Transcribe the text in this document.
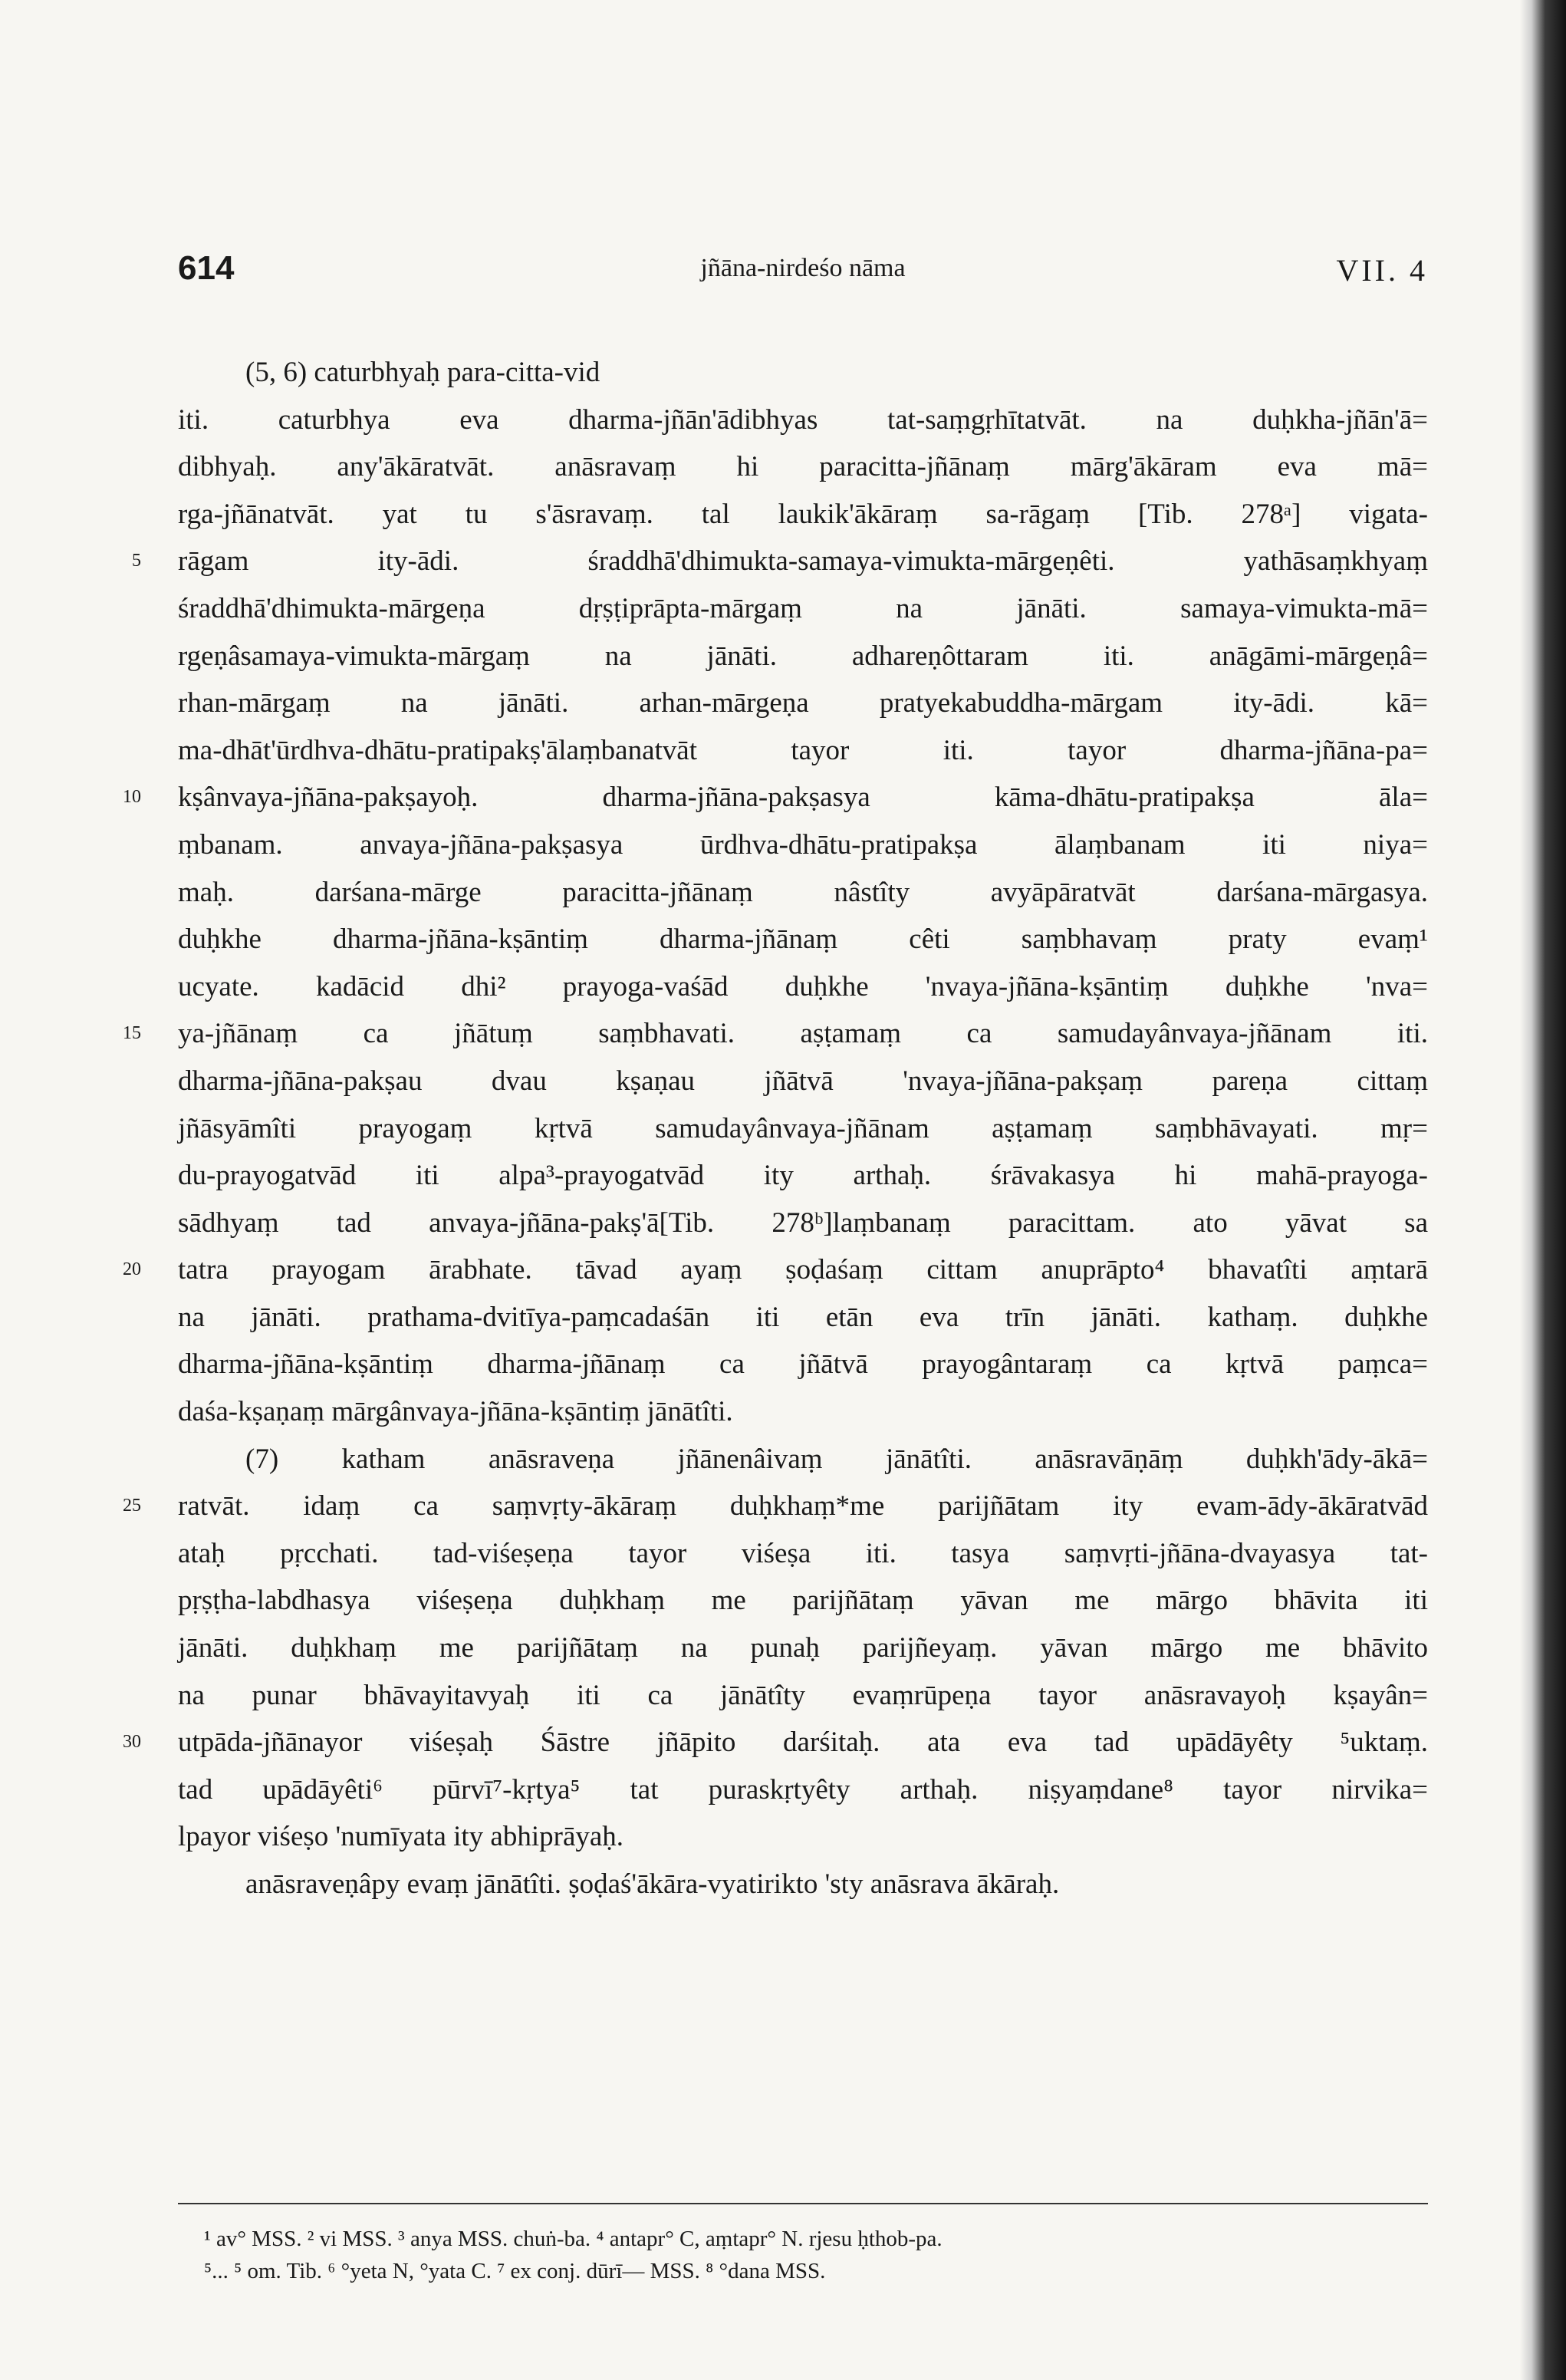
614	jñāna-nirdeśo nāma	VII. 4
(5, 6) caturbhyaḥ para-citta-vid
iti. caturbhya eva dharma-jñān'ādibhyas tat-saṃgṛhītatvāt. na duḥkha-jñān'ā=
dibhyaḥ. any'ākāratvāt. anāsravaṃ hi paracitta-jñānaṃ mārg'ākāram eva mā=
rga-jñānatvāt. yat tu s'āsravaṃ. tal laukik'ākāraṃ sa-rāgaṃ [Tib. 278ᵃ] vigata-
5 rāgam ity-ādi. śraddhā'dhimukta-samaya-vimukta-mārgeṇêti. yathāsaṃkhyaṃ
śraddhā'dhimukta-mārgeṇa dṛṣṭiprāpta-mārgaṃ na jānāti. samaya-vimukta-mā=
rgeṇâsamaya-vimukta-mārgaṃ na jānāti. adhareṇôttaram iti. anāgāmi-mārgeṇâ=
rhan-mārgaṃ na jānāti. arhan-mārgeṇa pratyekabuddha-mārgam ity-ādi. kā=
ma-dhāt'ūrdhva-dhātu-pratipakṣ'ālaṃbanatvāt tayor iti. tayor dharma-jñāna-pa=
10 kṣânvaya-jñāna-pakṣayoḥ. dharma-jñāna-pakṣasya kāma-dhātu-pratipakṣa āla=
ṃbanam. anvaya-jñāna-pakṣasya ūrdhva-dhātu-pratipakṣa ālaṃbanam iti niya=
maḥ. darśana-mārge paracitta-jñānaṃ nâstîty avyāpāratvāt darśana-mārgasya.
duḥkhe dharma-jñāna-kṣāntiṃ dharma-jñānaṃ cêti saṃbhavaṃ praty evaṃ¹
ucyate. kadācid dhi² prayoga-vaśād duḥkhe 'nvaya-jñāna-kṣāntiṃ duḥkhe 'nva=
15 ya-jñānaṃ ca jñātuṃ saṃbhavati. aṣṭamaṃ ca samudayânvaya-jñānam iti.
dharma-jñāna-pakṣau dvau kṣaṇau jñātvā 'nvaya-jñāna-pakṣaṃ pareṇa cittaṃ
jñāsyāmîti prayogaṃ kṛtvā samudayânvaya-jñānam aṣṭamaṃ saṃbhāvayati. mṛ=
du-prayogatvād iti alpa³-prayogatvād ity arthaḥ. śrāvakasya hi mahā-prayoga-
sādhyaṃ tad anvaya-jñāna-pakṣ'ā[Tib. 278ᵇ]laṃbanaṃ paracittam. ato yāvat sa
20 tatra prayogam ārabhate. tāvad ayaṃ ṣoḍaśaṃ cittam anuprāpto⁴ bhavatîti aṃtarā
na jānāti. prathama-dvitīya-paṃcadaśān iti etān eva trīn jānāti. kathaṃ. duḥkhe
dharma-jñāna-kṣāntiṃ dharma-jñānaṃ ca jñātvā prayogântaraṃ ca kṛtvā paṃca=
daśa-kṣaṇaṃ mārgânvaya-jñāna-kṣāntiṃ jānātîti.
(7) katham anāsraveṇa jñānenâivaṃ jānātîti. anāsravāṇāṃ duḥkh'ādy-ākā=
25 ratvāt. idaṃ ca saṃvṛty-ākāraṃ duḥkhaṃ*me parijñātam ity evam-ādy-ākāratvād
ataḥ pṛcchati. tad-viśeṣeṇa tayor viśeṣa iti. tasya saṃvṛti-jñāna-dvayasya tat-
pṛṣṭha-labdhasya viśeṣeṇa duḥkhaṃ me parijñātaṃ yāvan me mārgo bhāvita iti
jānāti. duḥkhaṃ me parijñātaṃ na punaḥ parijñeyaṃ. yāvan mārgo me bhāvito
na punar bhāvayitavyaḥ iti ca jānātîty evaṃrūpeṇa tayor anāsravayoḥ kṣayân=
30 utpāda-jñānayor viśeṣaḥ Śāstre jñāpito darśitaḥ. ata eva tad upādāyêty ⁵uktaṃ.
tad upādāyêti⁶ pūrvī⁷-kṛtya⁵ tat puraskṛtyêty arthaḥ. niṣyaṃdane⁸ tayor nirvika=
lpayor viśeṣo 'numīyata ity abhiprāyaḥ.
anāsraveṇâpy evaṃ jānātîti. ṣoḍaś'ākāra-vyatirikto 'sty anāsrava ākāraḥ.
¹ av° MSS. ² vi MSS. ³ anya MSS. chuṅ-ba. ⁴ antapr° C, aṃtapr° N. rjesu ḥthob-pa.
⁵... ⁵ om. Tib. ⁶ °yeta N, °yata C. ⁷ ex conj. dūrī— MSS. ⁸ °dana MSS.
